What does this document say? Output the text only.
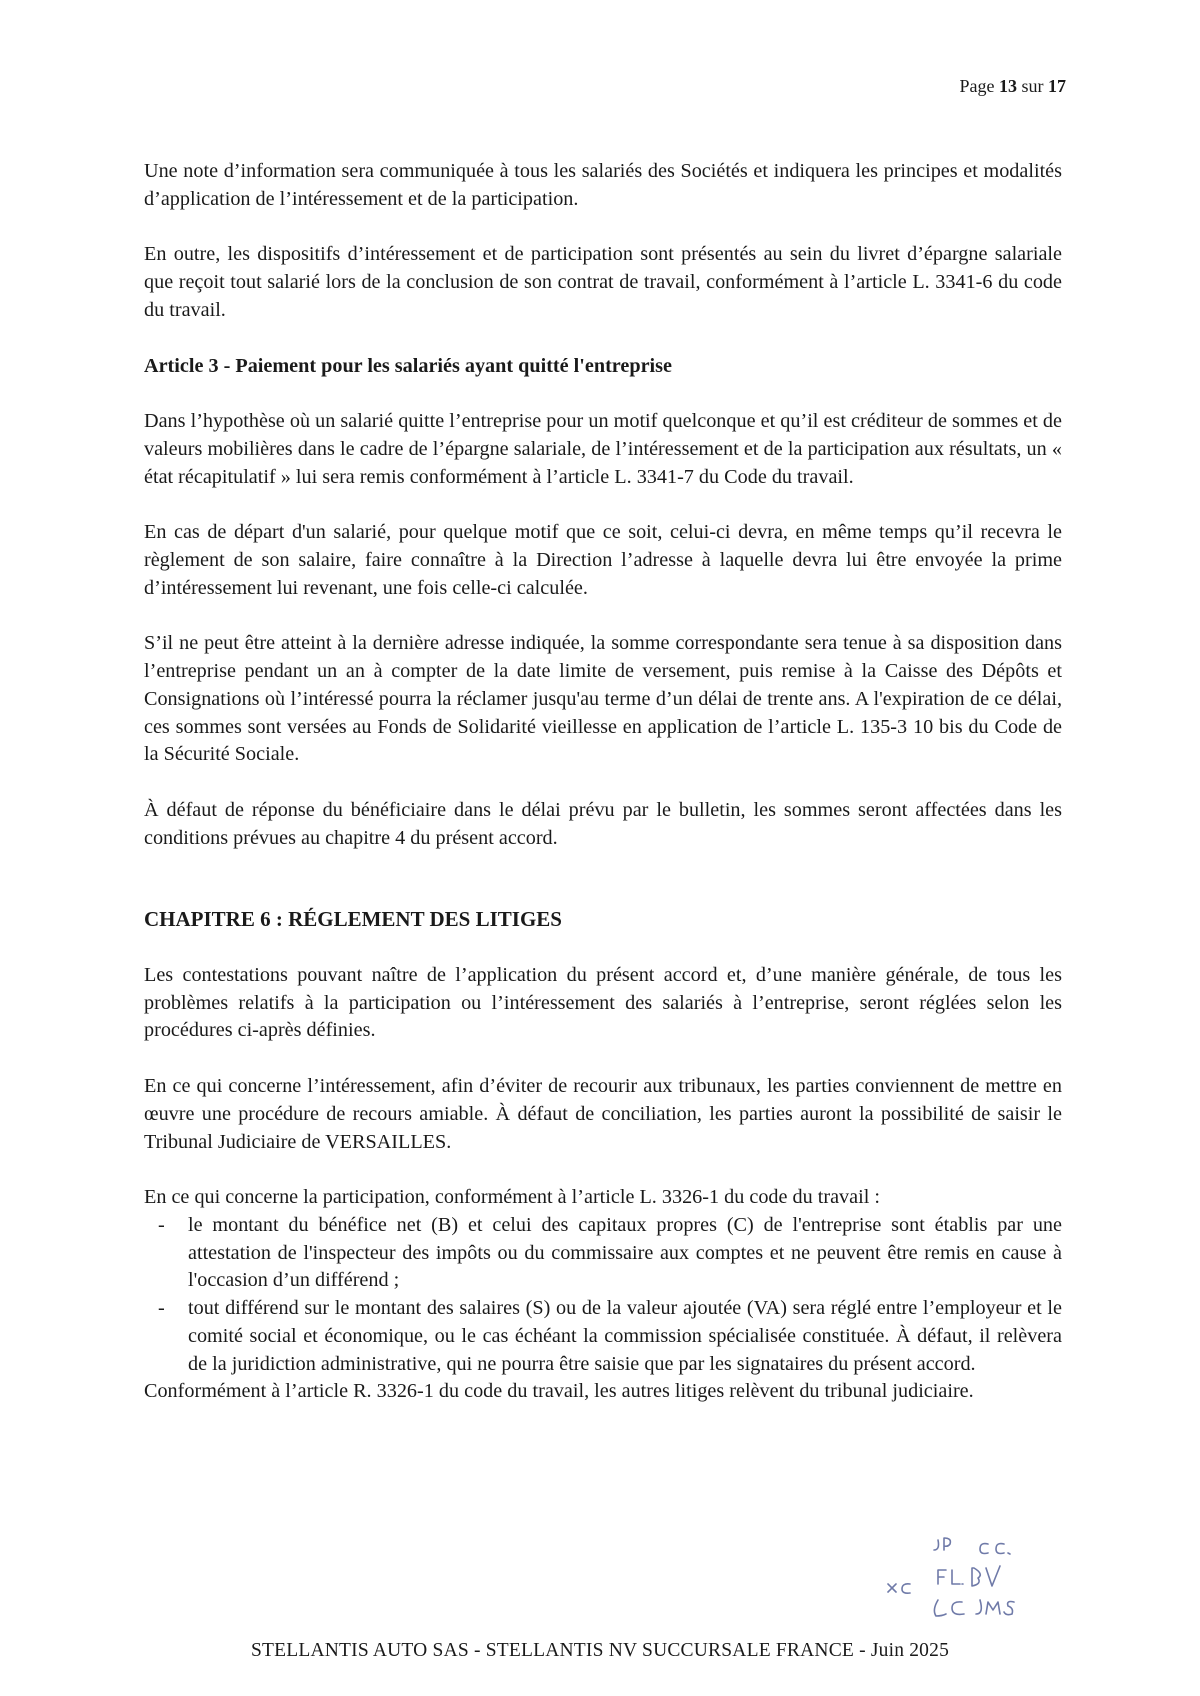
Page 13 sur 17

Une note d’information sera communiquée à tous les salariés des Sociétés et indiquera les principes et modalités d’application de l’intéressement et de la participation.

En outre, les dispositifs d’intéressement et de participation sont présentés au sein du livret d’épargne salariale que reçoit tout salarié lors de la conclusion de son contrat de travail, conformément à l’article L. 3341-6 du code du travail.

Article 3 - Paiement pour les salariés ayant quitté l'entreprise

Dans l’hypothèse où un salarié quitte l’entreprise pour un motif quelconque et qu’il est créditeur de sommes et de valeurs mobilières dans le cadre de l’épargne salariale, de l’intéressement et de la participation aux résultats, un « état récapitulatif » lui sera remis conformément à l’article L. 3341-7 du Code du travail.

En cas de départ d'un salarié, pour quelque motif que ce soit, celui-ci devra, en même temps qu’il recevra le règlement de son salaire, faire connaître à la Direction l’adresse à laquelle devra lui être envoyée la prime d’intéressement lui revenant, une fois celle-ci calculée.

S’il ne peut être atteint à la dernière adresse indiquée, la somme correspondante sera tenue à sa disposition dans l’entreprise pendant un an à compter de la date limite de versement, puis remise à la Caisse des Dépôts et Consignations où l’intéressé pourra la réclamer jusqu'au terme d’un délai de trente ans. A l'expiration de ce délai, ces sommes sont versées au Fonds de Solidarité vieillesse en application de l’article L. 135-3 10 bis du Code de la Sécurité Sociale.

À défaut de réponse du bénéficiaire dans le délai prévu par le bulletin, les sommes seront affectées dans les conditions prévues au chapitre 4 du présent accord.

CHAPITRE 6 : RÉGLEMENT DES LITIGES

Les contestations pouvant naître de l’application du présent accord et, d’une manière générale, de tous les problèmes relatifs à la participation ou l’intéressement des salariés à l’entreprise, seront réglées selon les procédures ci-après définies.

En ce qui concerne l’intéressement, afin d’éviter de recourir aux tribunaux, les parties conviennent de mettre en œuvre une procédure de recours amiable. À défaut de conciliation, les parties auront la possibilité de saisir le Tribunal Judiciaire de VERSAILLES.

En ce qui concerne la participation, conformément à l’article L. 3326-1 du code du travail :

- le montant du bénéfice net (B) et celui des capitaux propres (C) de l'entreprise sont établis par une attestation de l'inspecteur des impôts ou du commissaire aux comptes et ne peuvent être remis en cause à l'occasion d’un différend ;
- tout différend sur le montant des salaires (S) ou de la valeur ajoutée (VA) sera réglé entre l’employeur et le comité social et économique, ou le cas échéant la commission spécialisée constituée. À défaut, il relèvera de la juridiction administrative, qui ne pourra être saisie que par les signataires du présent accord.

Conformément à l’article R. 3326-1 du code du travail, les autres litiges relèvent du tribunal judiciaire.

STELLANTIS AUTO SAS - STELLANTIS NV SUCCURSALE FRANCE - Juin 2025
